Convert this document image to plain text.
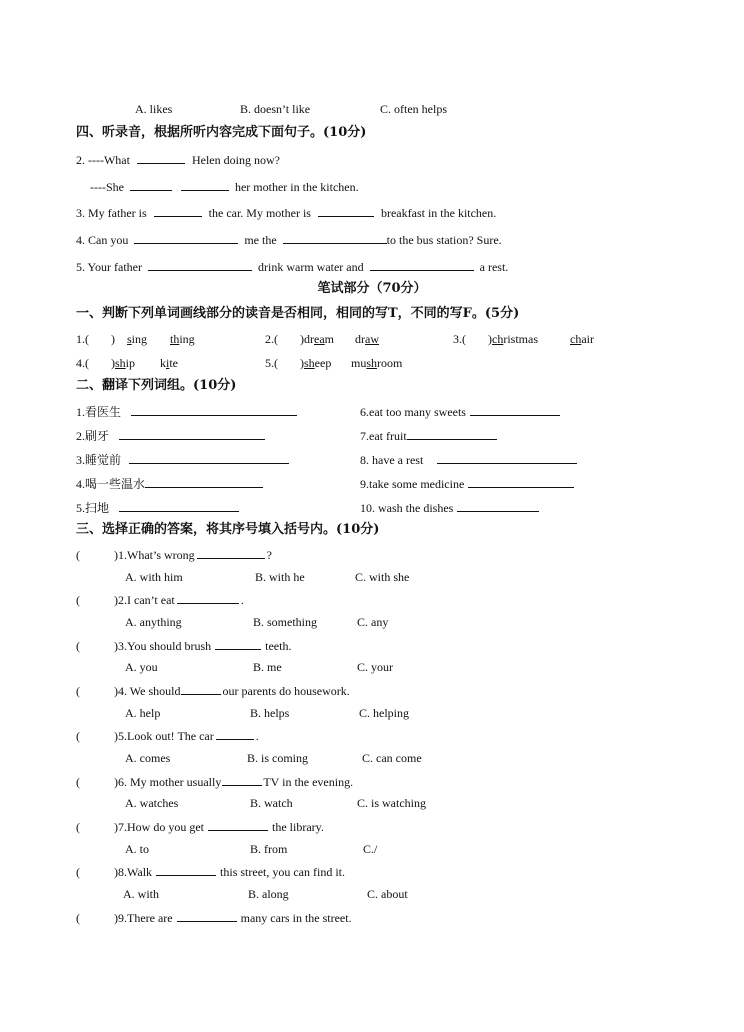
A. likes	B. doesn’t like	C. often helps
四、听录音，根据所听内容完成下面句子。(10分)
2. ----What	Helen doing now?
----She	her mother in the kitchen.
3. My father is	the car. My mother is	breakfast in the kitchen.
4. Can you	me the	to the bus station? Sure.
5. Your father	drink warm water and	a rest.
笔试部分（70分）
一、判断下列单词画线部分的读音是否相同，相同的写T，不同的写F。(5分)
1.( ) sing thing	2.( )dream draw	3.( )christmas	chair
4.( )ship kite	5.( )sheep mushroom
二、翻译下列词组。(10分)
1.看医生	6.eat too many sweets
2.刷牙	7.eat fruit
3.睡觉前	8. have a rest
4.喝一些温水	9.take some medicine
5.扫地	10. wash the dishes
三、选择正确的答案，将其序号填入括号内。(10分)
(	)1.What’s wrong	?
A. with him	B. with he	C. with she
(	)2.I can’t eat	.
A. anything	B. something	C. any
(	)3.You should brush	teeth.
A. you	B. me	C. your
(	)4. We should	our parents do housework.
A. help	B. helps	C. helping
(	)5.Look out! The car	.
A. comes	B. is coming	C. can come
(	)6. My mother usually	TV in the evening.
A. watches	B. watch	C. is watching
(	)7.How do you get	the library.
A. to	B. from	C./
(	)8.Walk	this street, you can find it.
A. with	B. along	C. about
(	)9.There are	many cars in the street.
